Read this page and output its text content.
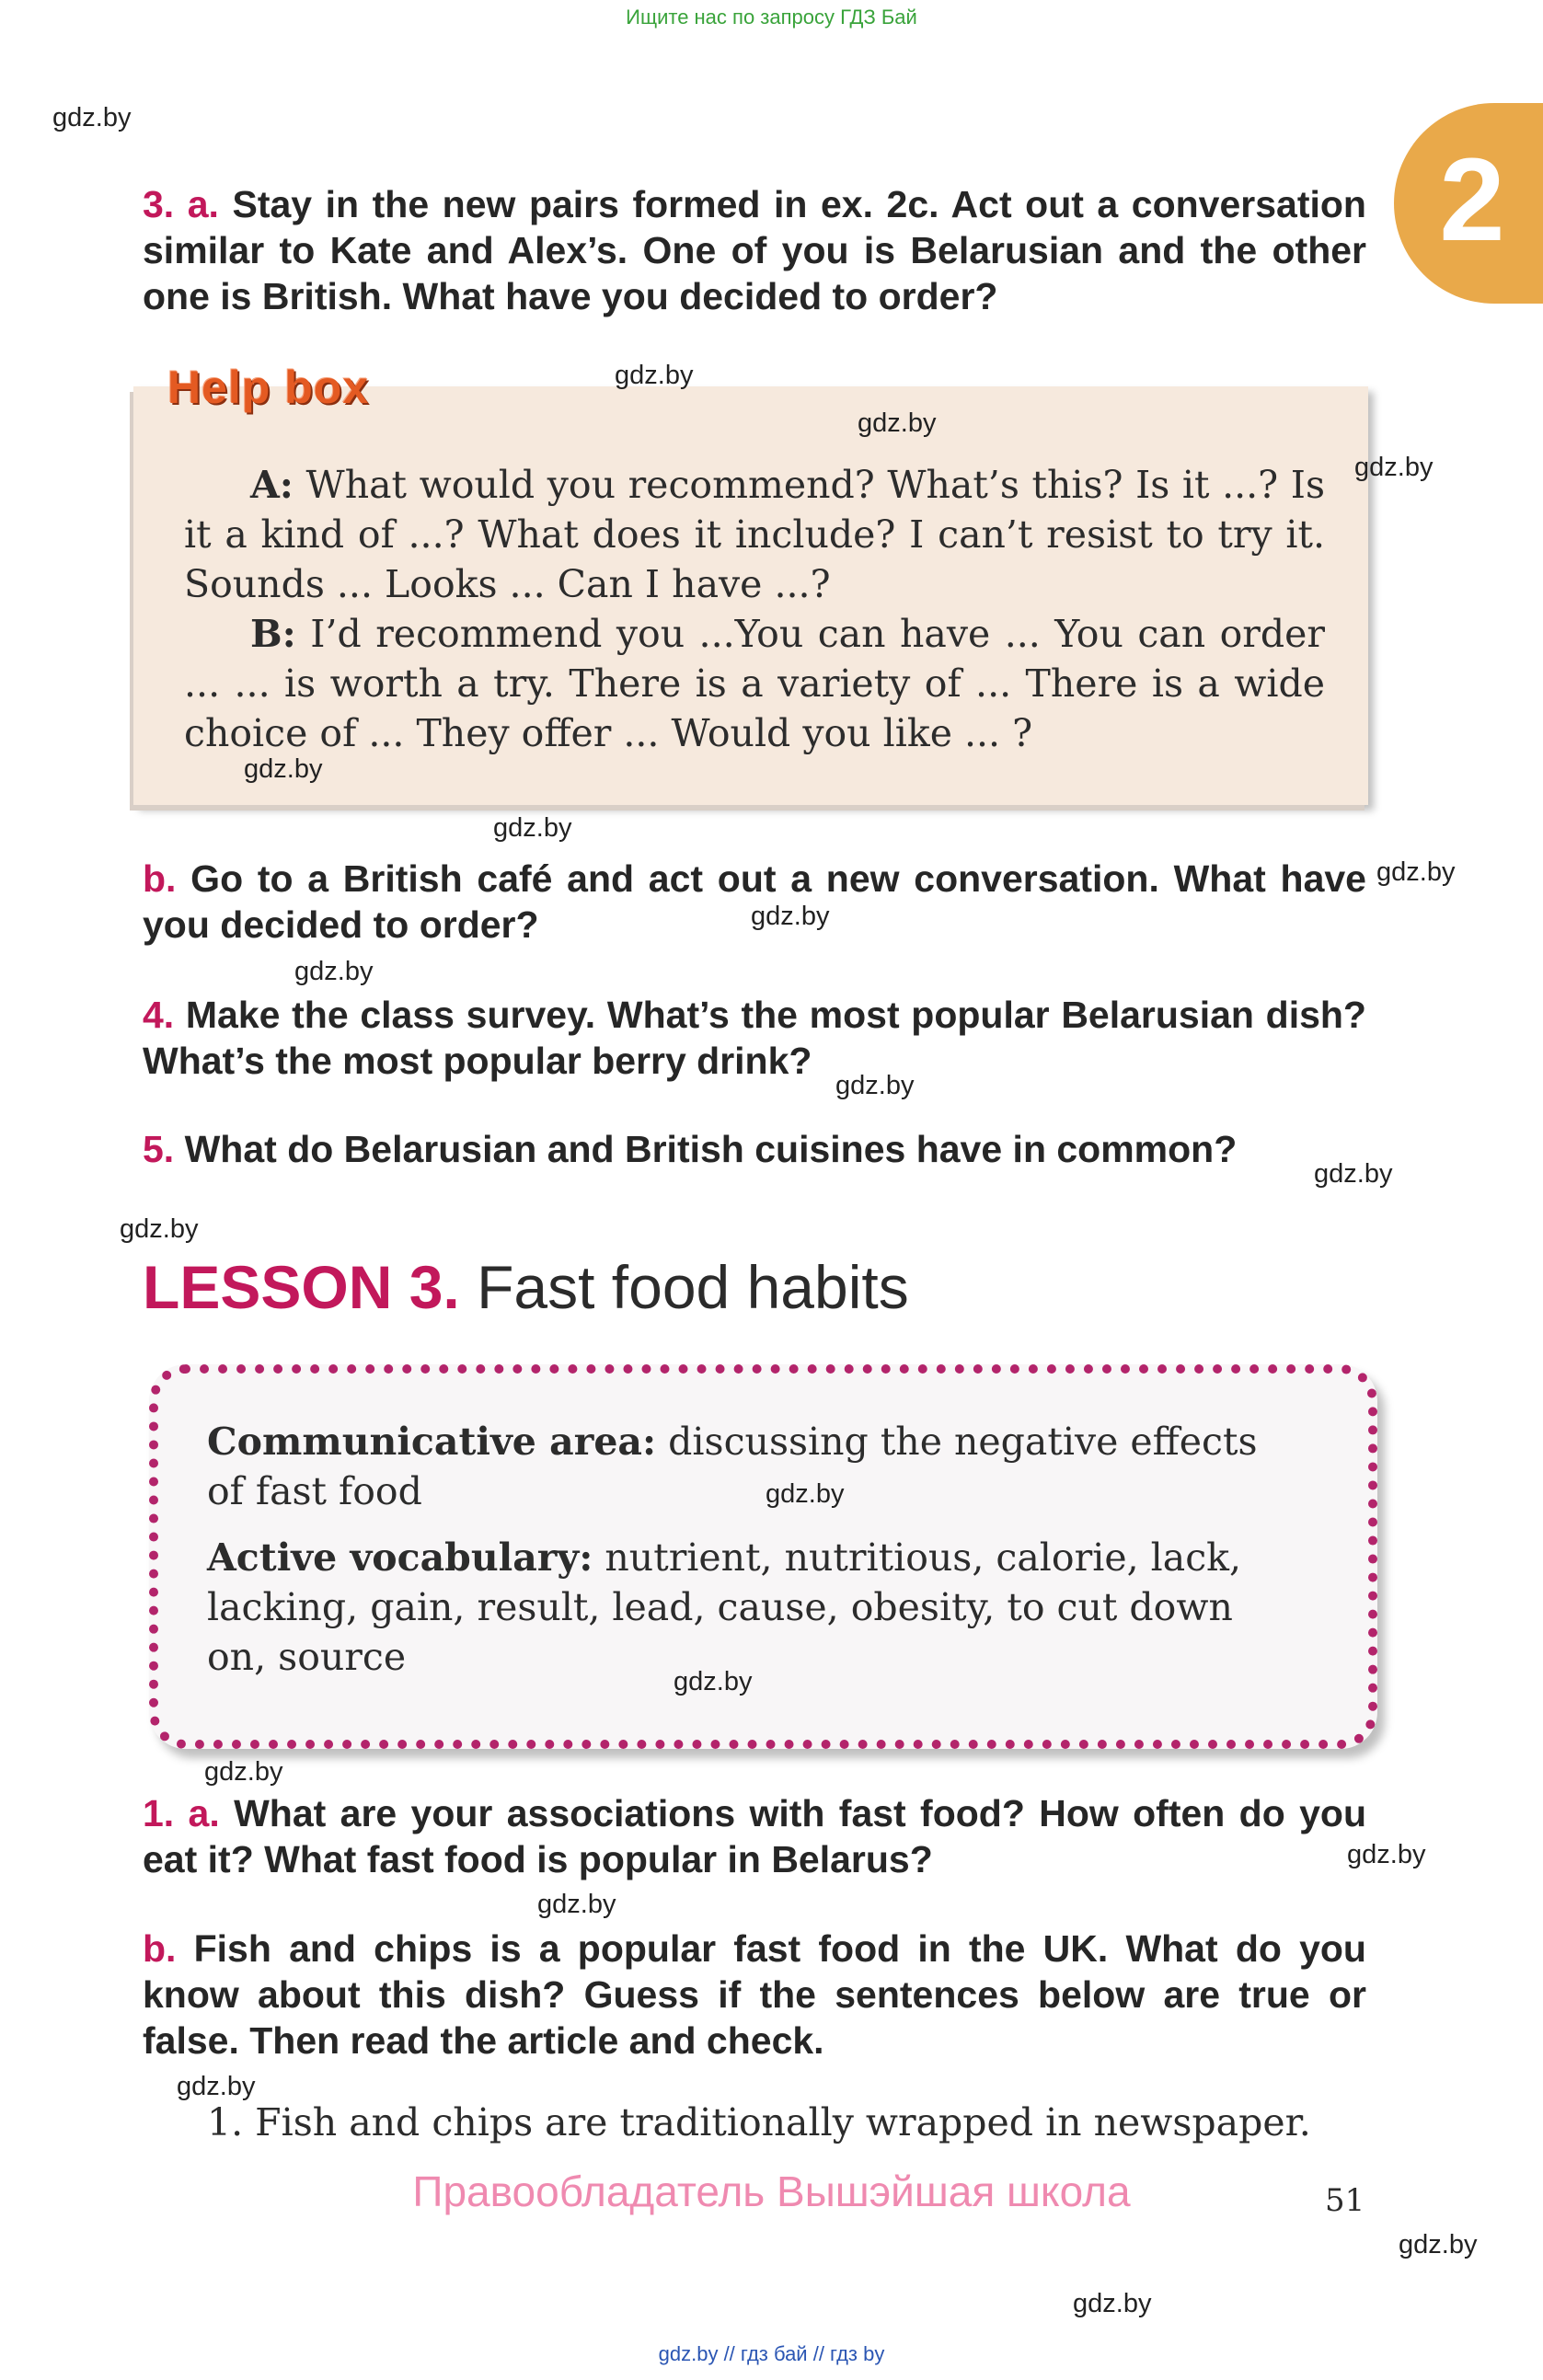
Ищите нас по запросу ГДЗ Бай
2
3. a. Stay in the new pairs formed in ex. 2c. Act out a conversation similar to Kate and Alex’s. One of you is Belarusian and the other one is British. What have you decided to order?
Help box
A: What would you recommend? What’s this? Is it ...? Is it a kind of ...? What does it include? I can’t resist to try it. Sounds ... Looks ... Can I have ...?
B: I’d recommend you ...You can have ... You can order ... ... is worth a try. There is a variety of ... There is a wide choice of ... They offer ... Would you like ... ?
b. Go to a British café and act out a new conversation. What have you decided to order?
4. Make the class survey. What’s the most popular Belarusian dish? What’s the most popular berry drink?
5. What do Belarusian and British cuisines have in common?
LESSON 3. Fast food habits
Communicative area: discussing the negative effects of fast food
Active vocabulary: nutrient, nutritious, calorie, lack, lacking, gain, result, lead, cause, obesity, to cut down on, source
1. a. What are your associations with fast food? How often do you eat it? What fast food is popular in Belarus?
b. Fish and chips is a popular fast food in the UK. What do you know about this dish? Guess if the sentences below are true or false. Then read the article and check.
1. Fish and chips are traditionally wrapped in newspaper.
Правообладатель Вышэйшая школа	51
gdz.by
gdz.by
gdz.by
gdz.by
gdz.by
gdz.by
gdz.by
gdz.by
gdz.by
gdz.by
gdz.by
gdz.by
gdz.by
gdz.by
gdz.by
gdz.by
gdz.by
gdz.by
gdz.by
gdz.by
gdz.by // гдз бай // гдз by
